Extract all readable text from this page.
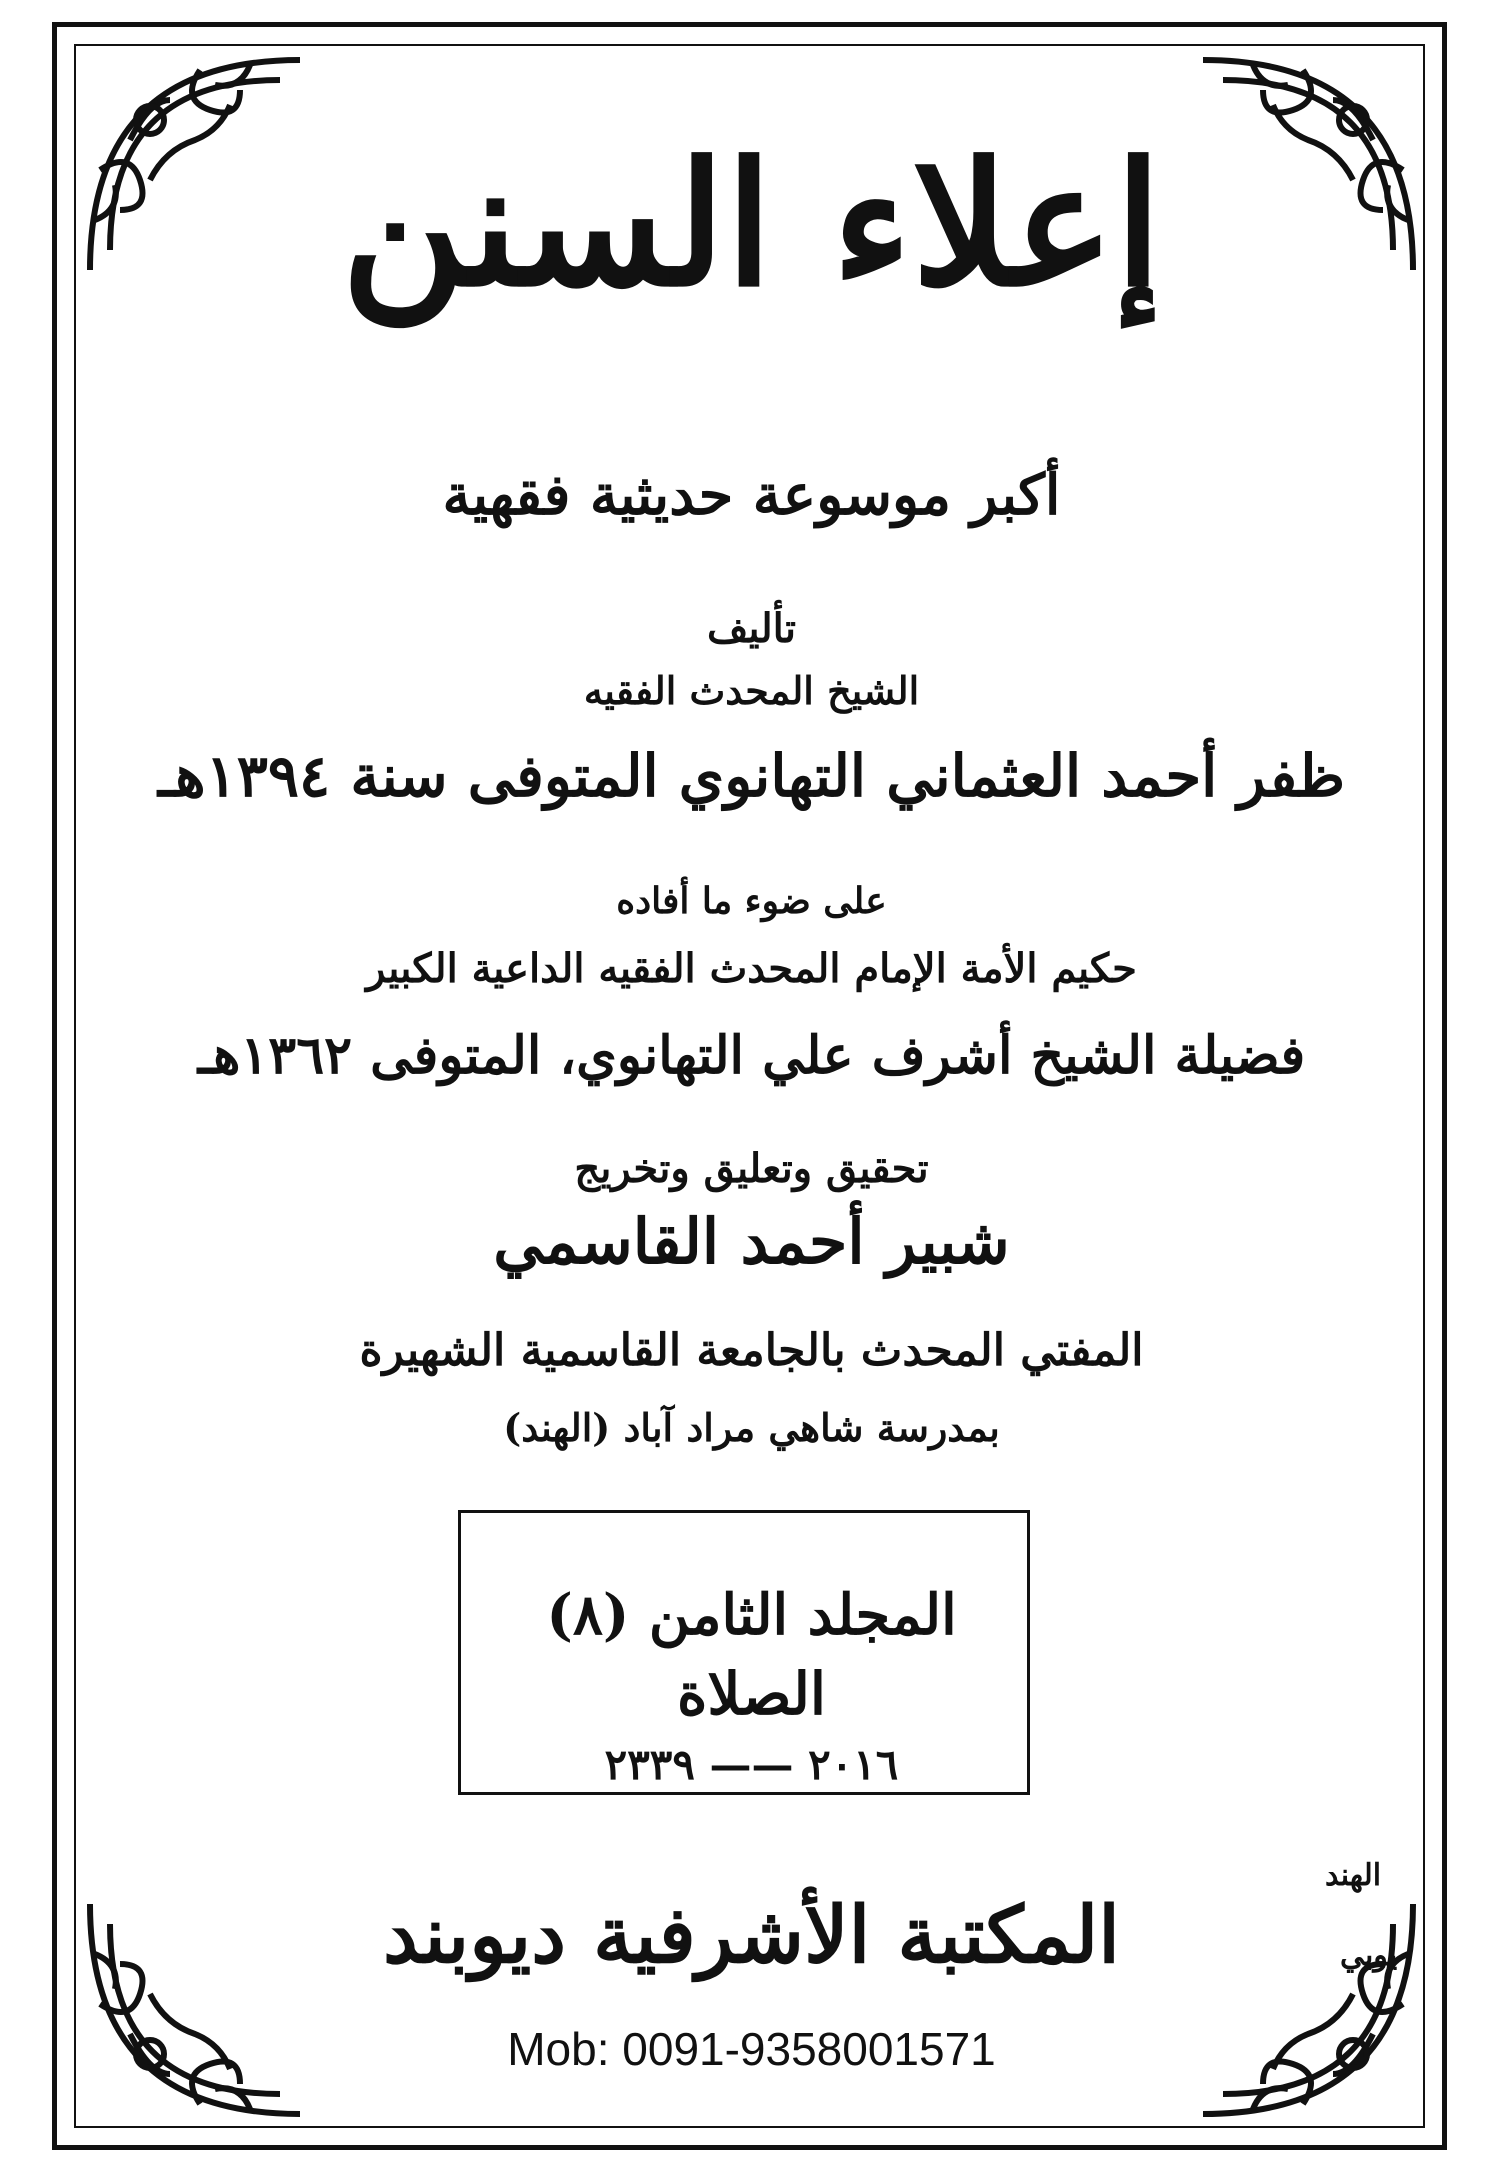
إعلاء السنن
أكبر موسوعة حديثية فقهية
تأليف
الشيخ المحدث الفقيه
ظفر أحمد العثماني التهانوي المتوفى سنة ١٣٩٤هـ
على ضوء ما أفاده
حكيم الأمة الإمام المحدث الفقيه الداعية الكبير
فضيلة الشيخ أشرف علي التهانوي، المتوفى ١٣٦٢هـ
تحقيق وتعليق وتخريج
شبير أحمد القاسمي
المفتي المحدث بالجامعة القاسمية الشهيرة
بمدرسة شاهي مراد آباد (الهند)
المجلد الثامن (٨)
الصلاة
٢٠١٦ —— ٢٣٣٩
المكتبة الأشرفية ديوبند
الهند
يوبي
Mob: 0091-9358001571
